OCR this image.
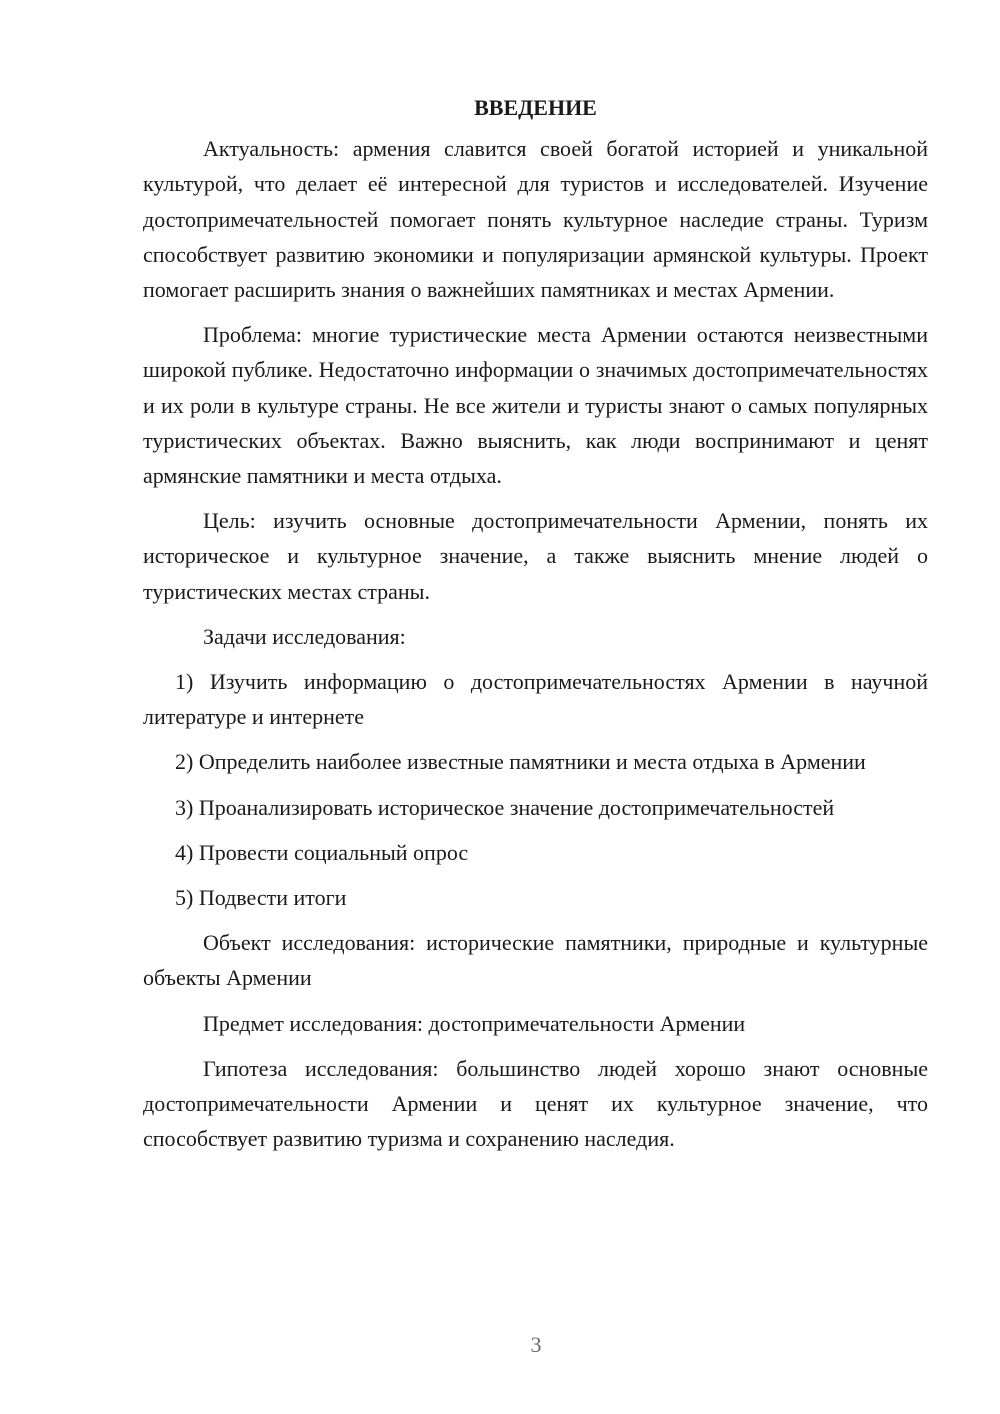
ВВЕДЕНИЕ

Актуальность: армения славится своей богатой историей и уникальной культурой, что делает её интересной для туристов и исследователей. Изучение достопримечательностей помогает понять культурное наследие страны. Туризм способствует развитию экономики и популяризации армянской культуры. Проект помогает расширить знания о важнейших памятниках и местах Армении.

Проблема: многие туристические места Армении остаются неизвестными широкой публике. Недостаточно информации о значимых достопримечательностях и их роли в культуре страны. Не все жители и туристы знают о самых популярных туристических объектах. Важно выяснить, как люди воспринимают и ценят армянские памятники и места отдыха.

Цель: изучить основные достопримечательности Армении, понять их историческое и культурное значение, а также выяснить мнение людей о туристических местах страны.

Задачи исследования:

1) Изучить информацию о достопримечательностях Армении в научной литературе и интернете

2) Определить наиболее известные памятники и места отдыха в Армении

3) Проанализировать историческое значение достопримечательностей

4) Провести социальный опрос

5) Подвести итоги

Объект исследования: исторические памятники, природные и культурные объекты Армении

Предмет исследования: достопримечательности Армении

Гипотеза исследования: большинство людей хорошо знают основные достопримечательности Армении и ценят их культурное значение, что способствует развитию туризма и сохранению наследия.

3
